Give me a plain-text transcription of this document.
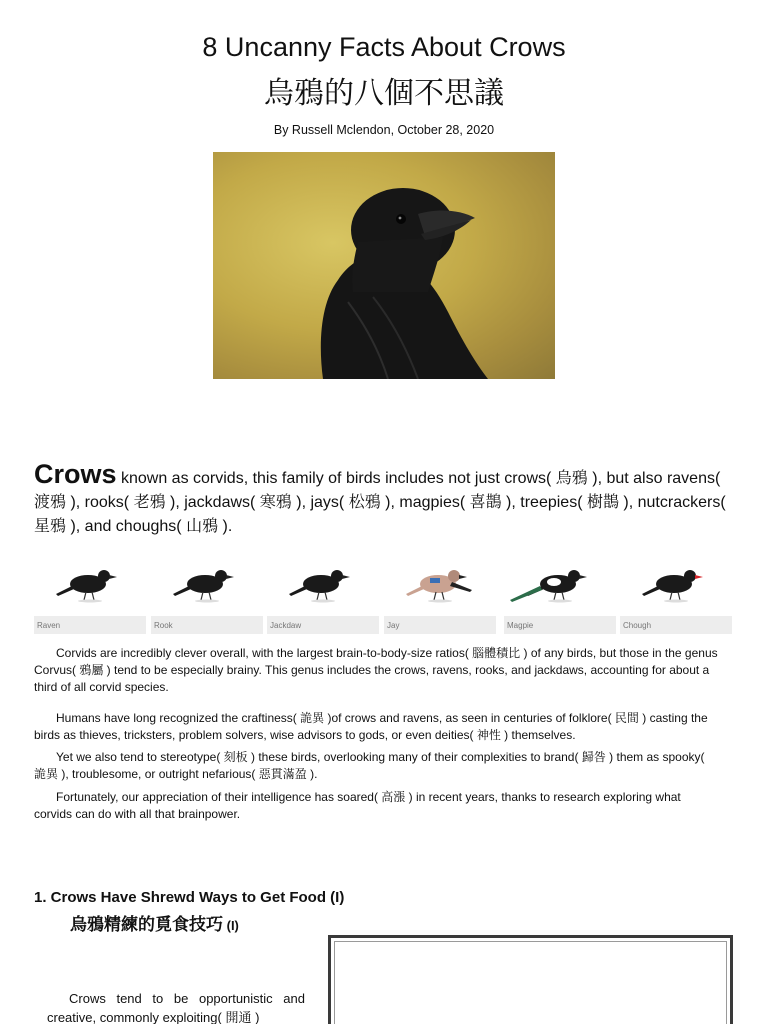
8 Uncanny Facts About Crows
烏鴉的八個不思議
By Russell Mclendon, October 28, 2020
Crows known as corvids, this family of birds includes not just crows( 烏鴉 ), but also ravens( 渡鴉 ), rooks( 老鴉 ), jackdaws( 寒鴉 ), jays( 松鴉 ), magpies( 喜鵲 ), treepies( 樹鵲 ), nutcrackers( 星鴉 ), and choughs( 山鴉 ).
Raven	Rook	Jackdaw	Jay	Magpie	Chough
Corvids are incredibly clever overall, with the largest brain-to-body-size ratios( 腦體積比 ) of any birds, but those in the genus Corvus( 鴉屬 ) tend to be especially brainy. This genus includes the crows, ravens, rooks, and jackdaws, accounting for about a third of all corvid species.
Humans have long recognized the craftiness( 詭異 )of crows and ravens, as seen in centuries of folklore( 民間 ) casting the birds as thieves, tricksters, problem solvers, wise advisors to gods, or even deities( 神性 ) themselves.
Yet we also tend to stereotype( 刻板 ) these birds, overlooking many of their complexities to brand( 歸咎 ) them as spooky( 詭異 ), troublesome, or outright nefarious( 惡貫滿盈 ).
Fortunately, our appreciation of their intelligence has soared( 高漲 ) in recent years, thanks to research exploring what corvids can do with all that brainpower.
1. Crows Have Shrewd Ways to Get Food (I)
烏鴉精練的覓食技巧 (I)
Crows tend to be opportunistic and creative, commonly exploiting( 開通 )
